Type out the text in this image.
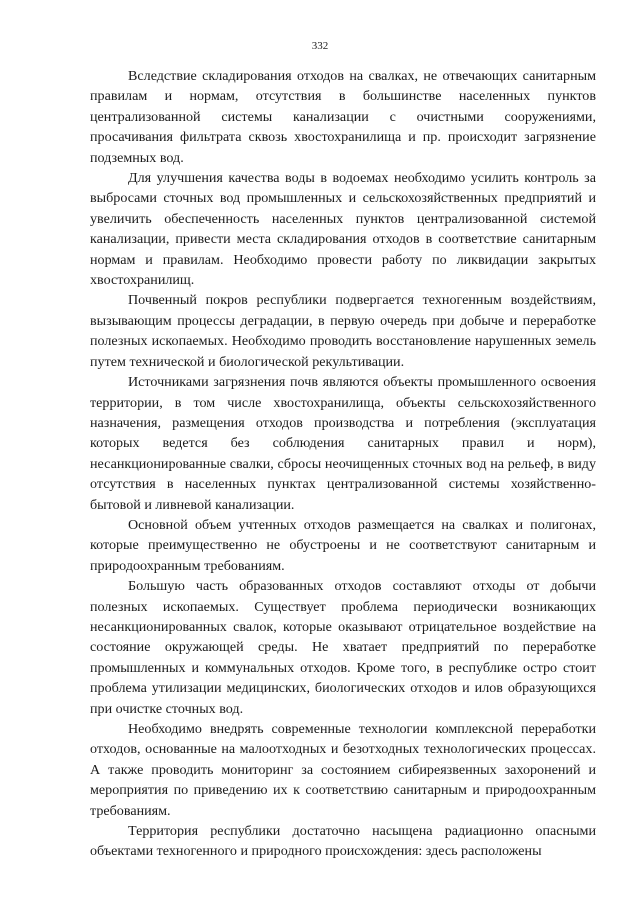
332

Вследствие складирования отходов на свалках, не отвечающих санитарным правилам и нормам, отсутствия в большинстве населенных пунктов централизованной системы канализации с очистными сооружениями, просачивания фильтрата сквозь хвостохранилища и пр. происходит загрязнение подземных вод.

Для улучшения качества воды в водоемах необходимо усилить контроль за выбросами сточных вод промышленных и сельскохозяйственных предприятий и увеличить обеспеченность населенных пунктов централизованной системой канализации, привести места складирования отходов в соответствие санитарным нормам и правилам. Необходимо провести работу по ликвидации закрытых хвостохранилищ.

Почвенный покров республики подвергается техногенным воздействиям, вызывающим процессы деградации, в первую очередь при добыче и переработке полезных ископаемых. Необходимо проводить восстановление нарушенных земель путем технической и биологической рекультивации.

Источниками загрязнения почв являются объекты промышленного освоения территории, в том числе хвостохранилища, объекты сельскохозяйственного назначения, размещения отходов производства и потребления (эксплуатация которых ведется без соблюдения санитарных правил и норм), несанкционированные свалки, сбросы неочищенных сточных вод на рельеф, в виду отсутствия в населенных пунктах централизованной системы хозяйственно-бытовой и ливневой канализации.

Основной объем учтенных отходов размещается на свалках и полигонах, которые преимущественно не обустроены и не соответствуют санитарным и природоохранным требованиям.

Большую часть образованных отходов составляют отходы от добычи полезных ископаемых. Существует проблема периодически возникающих несанкционированных свалок, которые оказывают отрицательное воздействие на состояние окружающей среды. Не хватает предприятий по переработке промышленных и коммунальных отходов. Кроме того, в республике остро стоит проблема утилизации медицинских, биологических отходов и илов образующихся при очистке сточных вод.

Необходимо внедрять современные технологии комплексной переработки отходов, основанные на малоотходных и безотходных технологических процессах. А также проводить мониторинг за состоянием сибиреязвенных захоронений и мероприятия по приведению их к соответствию санитарным и природоохранным требованиям.

Территория республики достаточно насыщена радиационно опасными объектами техногенного и природного происхождения: здесь расположены
